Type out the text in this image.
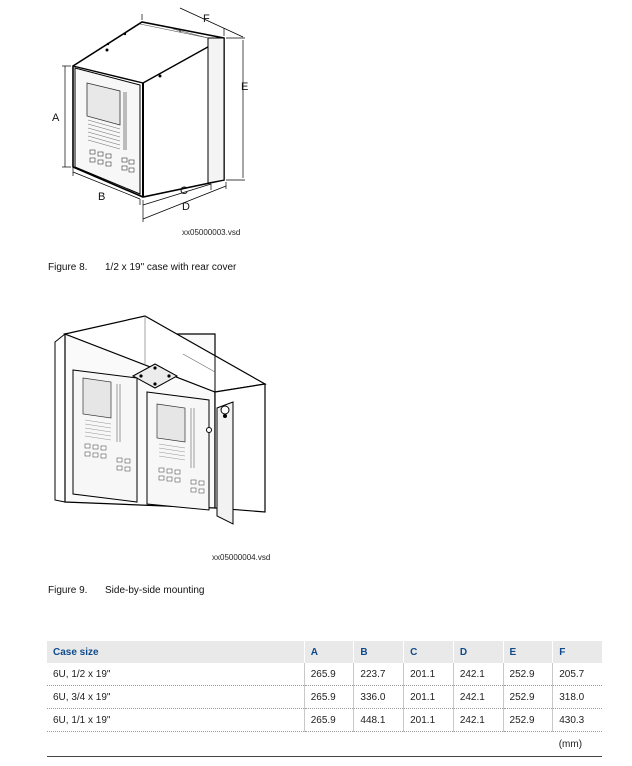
A
B	C
D
E
F
xx05000003.vsd
Figure 8. 1/2 x 19" case with rear cover
xx05000004.vsd
Figure 9. Side-by-side mounting
Case size	A	B	C	D	E	F
6U, 1/2 x 19"	265.9	223.7	201.1	242.1	252.9	205.7
6U, 3/4 x 19"	265.9	336.0	201.1	242.1	252.9	318.0
6U, 1/1 x 19"	265.9	448.1	201.1	242.1	252.9	430.3
						(mm)
